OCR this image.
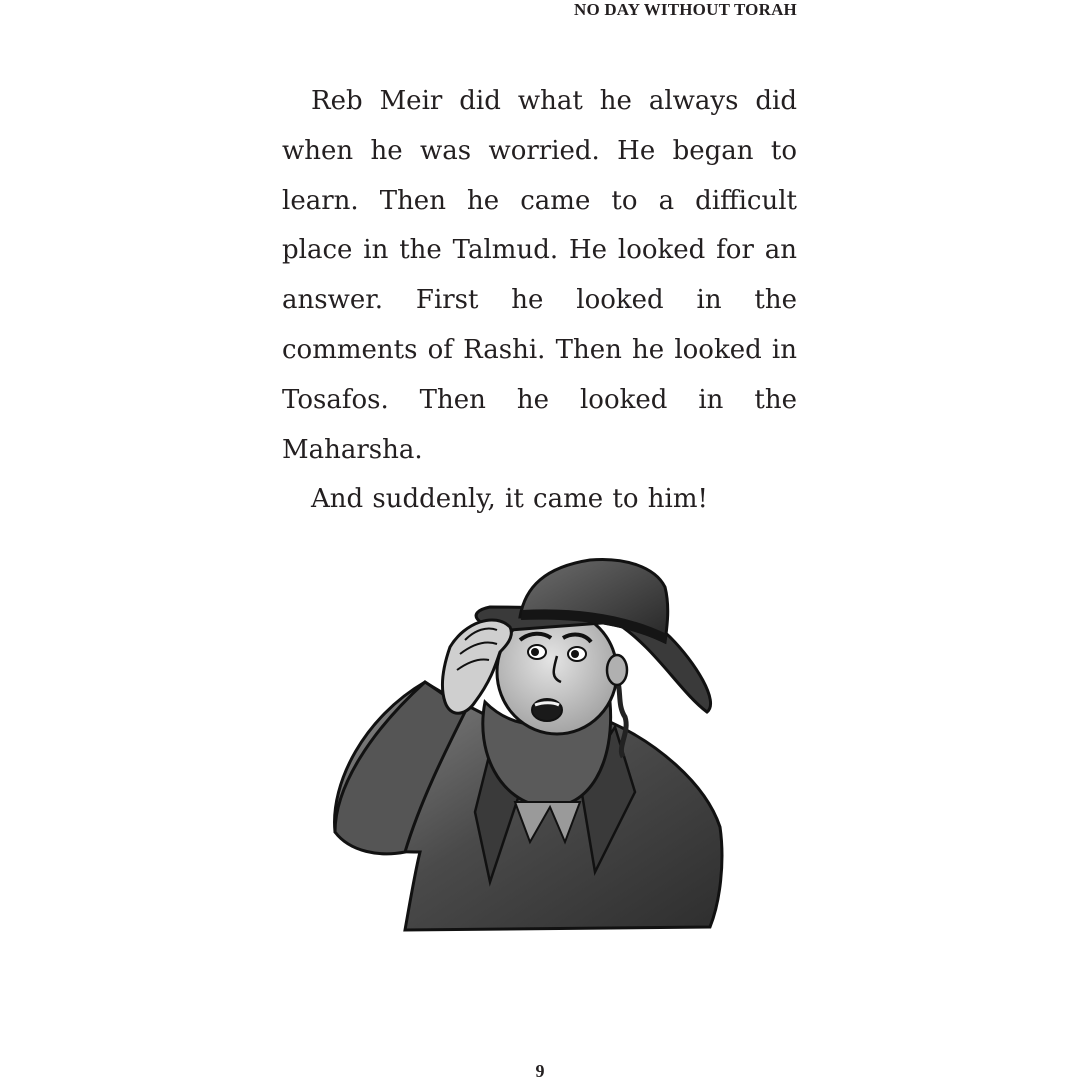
NO DAY WITHOUT TORAH

Reb Meir did what he always did when he was worried. He began to learn. Then he came to a difficult place in the Talmud. He looked for an answer. First he looked in the comments of Rashi. Then he looked in Tosafos. Then he looked in the Maharsha.

And suddenly, it came to him!

9
